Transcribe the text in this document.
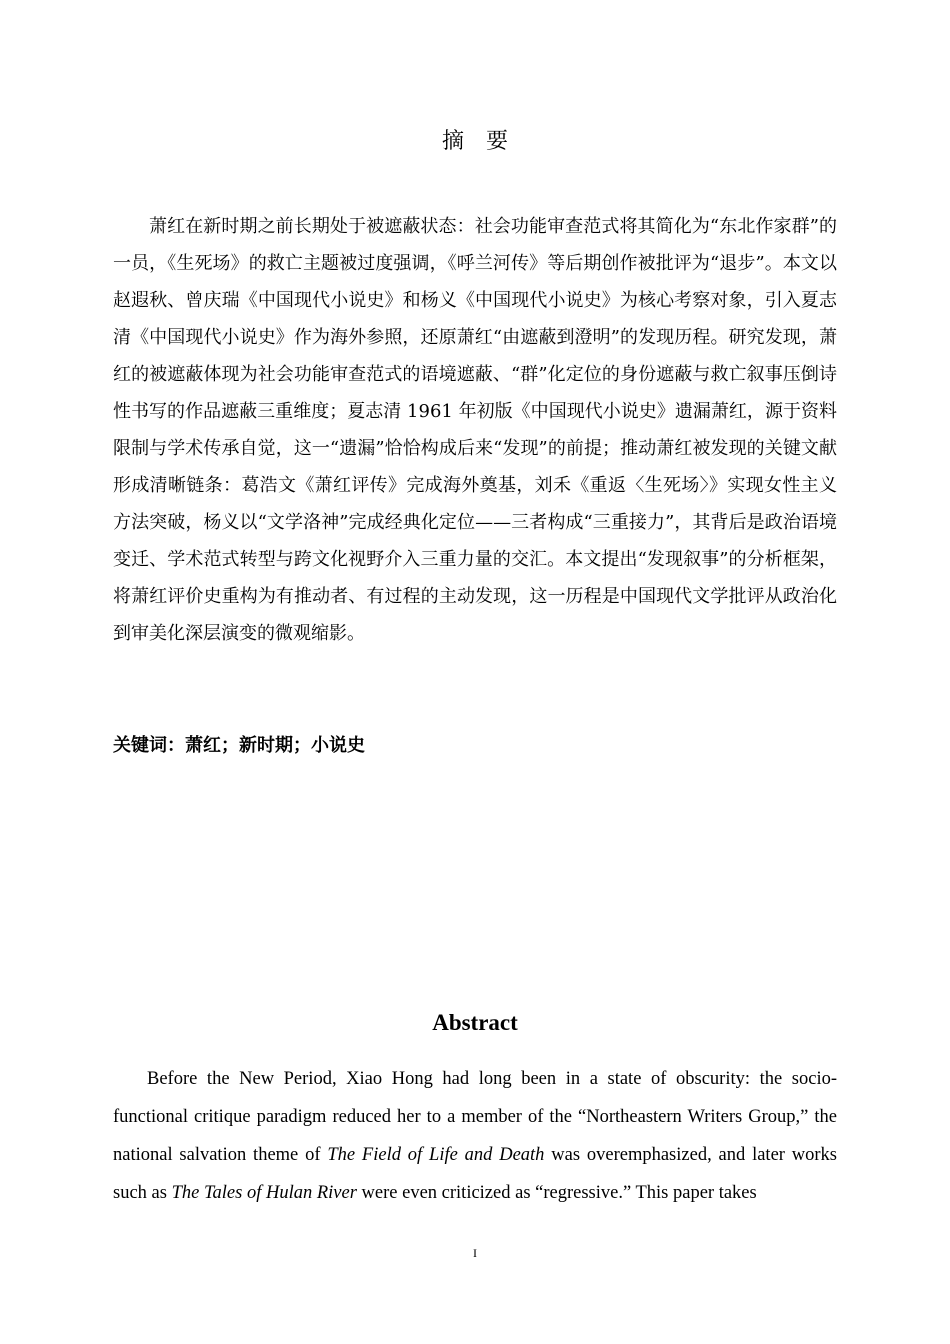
摘要

萧红在新时期之前长期处于被遮蔽状态：社会功能审查范式将其简化为“东北作家群”的一员，《生死场》的救亡主题被过度强调，《呼兰河传》等后期创作被批评为“退步”。本文以赵遐秋、曾庆瑞《中国现代小说史》和杨义《中国现代小说史》为核心考察对象，引入夏志清《中国现代小说史》作为海外参照，还原萧红“由遮蔽到澄明”的发现历程。研究发现，萧红的被遮蔽体现为社会功能审查范式的语境遮蔽、“群”化定位的身份遮蔽与救亡叙事压倒诗性书写的作品遮蔽三重维度；夏志清 1961 年初版《中国现代小说史》遗漏萧红，源于资料限制与学术传承自觉，这一“遗漏”恰恰构成后来“发现”的前提；推动萧红被发现的关键文献形成清晰链条：葛浩文《萧红评传》完成海外奠基，刘禾《重返〈生死场〉》实现女性主义方法突破，杨义以“文学洛神”完成经典化定位——三者构成“三重接力”，其背后是政治语境变迁、学术范式转型与跨文化视野介入三重力量的交汇。本文提出“发现叙事”的分析框架，将萧红评价史重构为有推动者、有过程的主动发现，这一历程是中国现代文学批评从政治化到审美化深层演变的微观缩影。

关键词：萧红；新时期；小说史

Abstract

Before the New Period, Xiao Hong had long been in a state of obscurity: the socio-functional critique paradigm reduced her to a member of the “Northeastern Writers Group,” the national salvation theme of The Field of Life and Death was overemphasized, and later works such as The Tales of Hulan River were even criticized as “regressive.” This paper takes

I
